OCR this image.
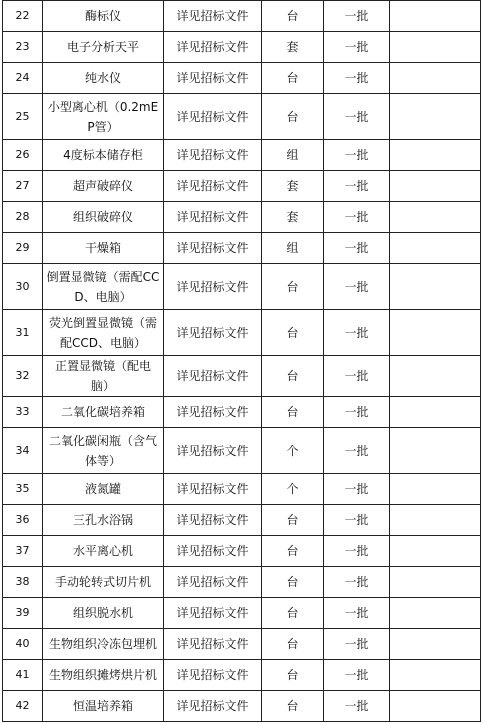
22	酶标仪	详见招标文件	台	一批	
23	电子分析天平	详见招标文件	套	一批	
24	纯水仪	详见招标文件	台	一批	
25	小型离心机（0.2mEP管）	详见招标文件	台	一批	
26	4度标本储存柜	详见招标文件	组	一批	
27	超声破碎仪	详见招标文件	套	一批	
28	组织破碎仪	详见招标文件	套	一批	
29	干燥箱	详见招标文件	组	一批	
30	倒置显微镜（需配CCD、电脑）	详见招标文件	台	一批	
31	荧光倒置显微镜（需配CCD、电脑）	详见招标文件	台	一批	
32	正置显微镜（配电脑）	详见招标文件	台	一批	
33	二氧化碳培养箱	详见招标文件	台	一批	
34	二氧化碳闲瓶（含气体等）	详见招标文件	个	一批	
35	液氮罐	详见招标文件	个	一批	
36	三孔水浴锅	详见招标文件	台	一批	
37	水平离心机	详见招标文件	台	一批	
38	手动轮转式切片机	详见招标文件	台	一批	
39	组织脱水机	详见招标文件	台	一批	
40	生物组织冷冻包埋机	详见招标文件	台	一批	
41	生物组织摊烤烘片机	详见招标文件	台	一批	
42	恒温培养箱	详见招标文件	台	一批	
